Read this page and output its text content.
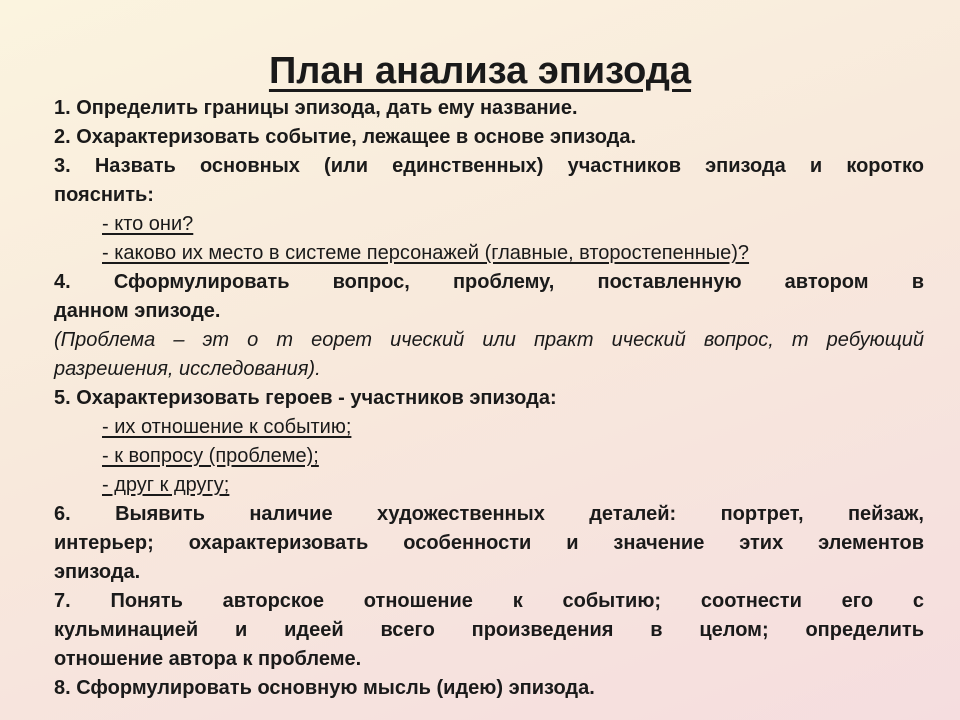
План анализа эпизода
1. Определить границы эпизода, дать ему название.
2. Охарактеризовать событие, лежащее в основе эпизода.
3. Назвать основных (или единственных) участников эпизода и коротко
пояснить:
- кто они?
- каково их место в системе персонажей (главные, второстепенные)?
4. Сформулировать вопрос, проблему, поставленную автором в
данном эпизоде.
(Проблема – эт о т еорет ический или практ ический вопрос, т ребующий
разрешения, исследования).
5. Охарактеризовать героев - участников эпизода:
- их отношение к событию;
- к вопросу (проблеме);
- друг к другу;
6. Выявить наличие художественных деталей: портрет, пейзаж,
интерьер; охарактеризовать особенности и значение этих элементов
эпизода.
7. Понять авторское отношение к событию; соотнести его с
кульминацией и идеей всего произведения в целом; определить
отношение автора к проблеме.
8. Сформулировать основную мысль (идею) эпизода.
